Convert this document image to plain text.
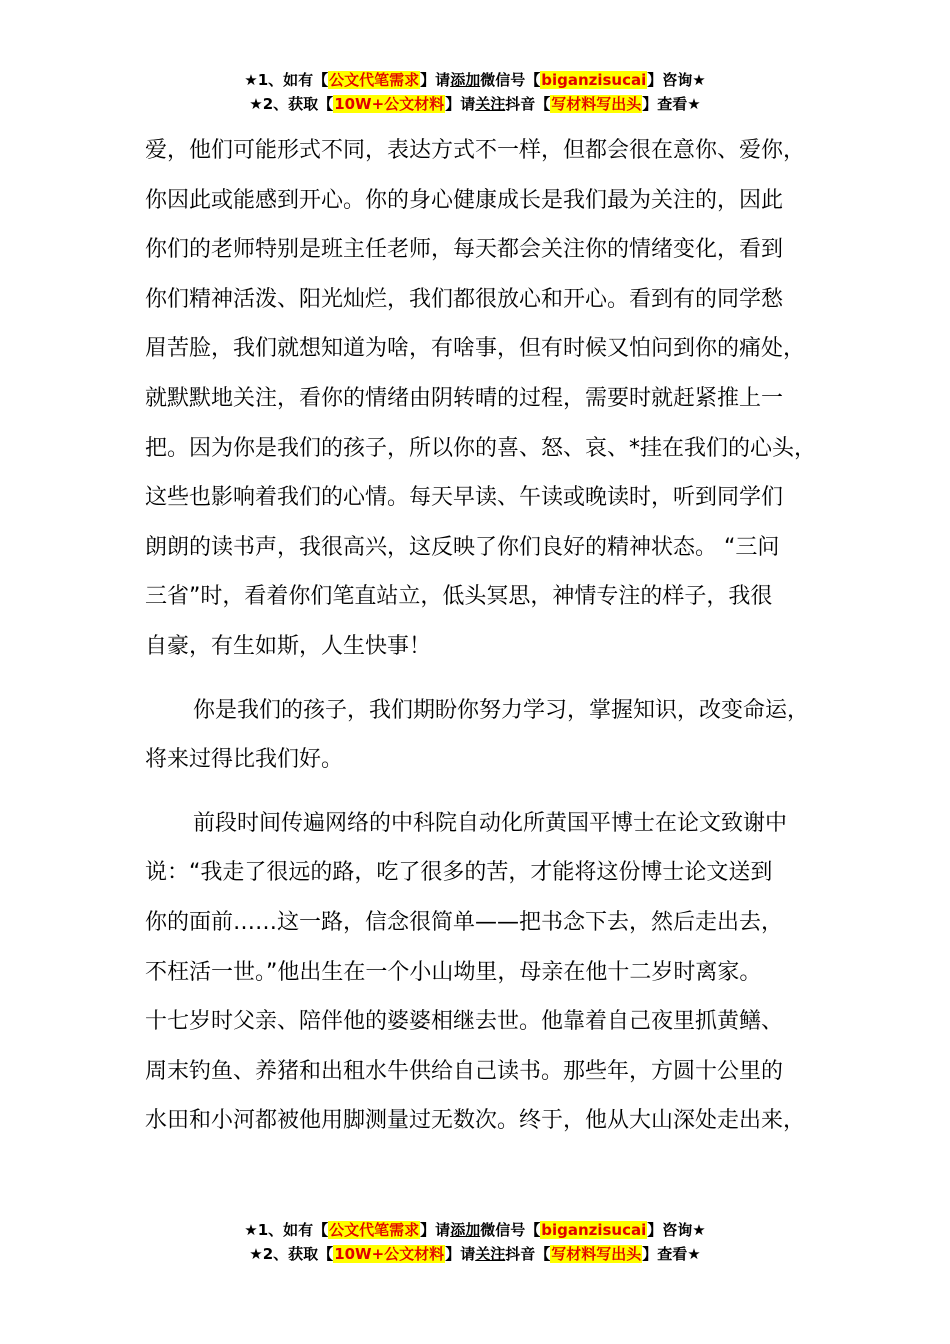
★1、如有【公文代笔需求】请添加微信号【biganzisucai】咨询★
★2、获取【10W+公文材料】请关注抖音【写材料写出头】查看★
爱，他们可能形式不同，表达方式不一样，但都会很在意你、爱你，
你因此或能感到开心。你的身心健康成长是我们最为关注的，因此
你们的老师特别是班主任老师，每天都会关注你的情绪变化，看到
你们精神活泼、阳光灿烂，我们都很放心和开心。看到有的同学愁
眉苦脸，我们就想知道为啥，有啥事，但有时候又怕问到你的痛处，
就默默地关注，看你的情绪由阴转晴的过程，需要时就赶紧推上一
把。因为你是我们的孩子，所以你的喜、怒、哀、*挂在我们的心头，
这些也影响着我们的心情。每天早读、午读或晚读时，听到同学们
朗朗的读书声，我很高兴，这反映了你们良好的精神状态。 “三问
三省”时，看着你们笔直站立，低头冥思，神情专注的样子，我很
自豪，有生如斯，人生快事！
你是我们的孩子，我们期盼你努力学习，掌握知识，改变命运，
将来过得比我们好。
前段时间传遍网络的中科院自动化所黄国平博士在论文致谢中
说：“我走了很远的路，吃了很多的苦，才能将这份博士论文送到
你的面前……这一路，信念很简单——把书念下去，然后走出去，
不枉活一世。”他出生在一个小山坳里，母亲在他十二岁时离家。
十七岁时父亲、陪伴他的婆婆相继去世。他靠着自己夜里抓黄鳝、
周末钓鱼、养猪和出租水牛供给自己读书。那些年，方圆十公里的
水田和小河都被他用脚测量过无数次。终于，他从大山深处走出来，
★1、如有【公文代笔需求】请添加微信号【biganzisucai】咨询★
★2、获取【10W+公文材料】请关注抖音【写材料写出头】查看★
